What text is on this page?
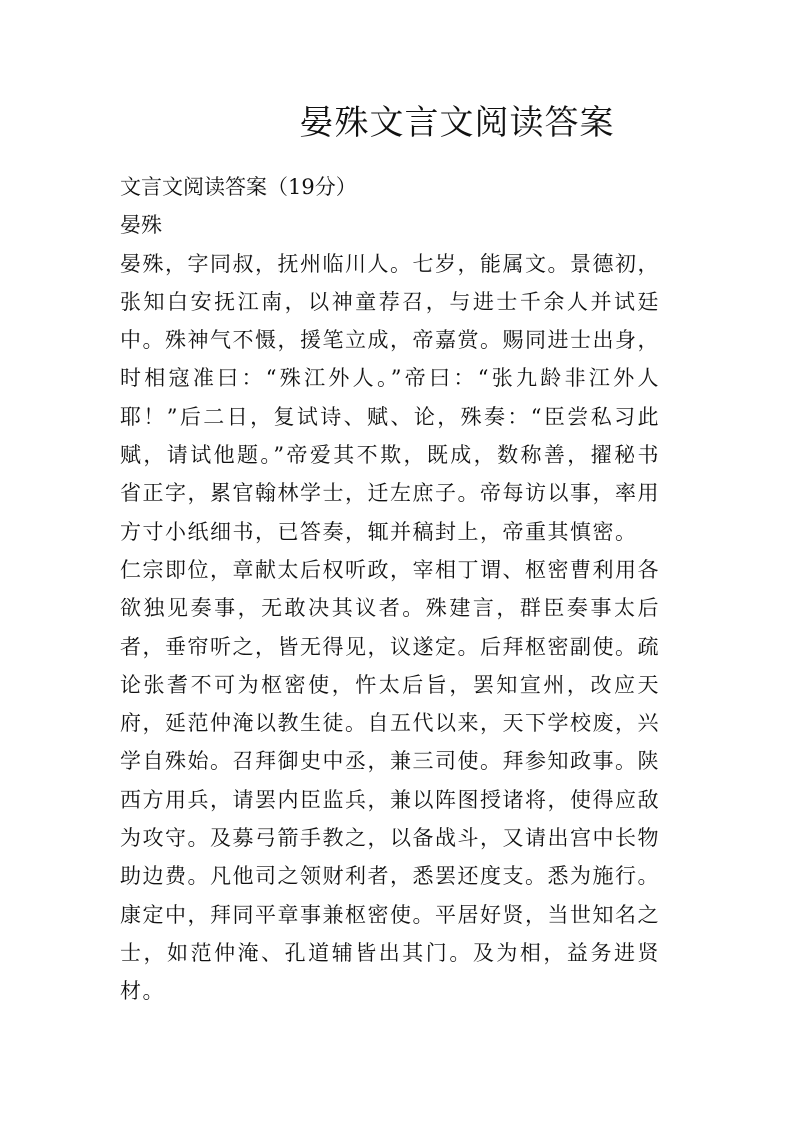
晏殊文言文阅读答案
文言文阅读答案（19分）
晏殊

晏殊，字同叔，抚州临川人。七岁，能属文。景德初，张知白安抚江南，以神童荐召，与进士千余人并试廷中。殊神气不慑，援笔立成，帝嘉赏。赐同进士出身，时相寇准曰：“殊江外人。”帝曰：“张九龄非江外人耶！”后二日，复试诗、赋、论，殊奏：“臣尝私习此赋，请试他题。”帝爱其不欺，既成，数称善，擢秘书省正字，累官翰林学士，迁左庶子。帝每访以事，率用方寸小纸细书，已答奏，辄并稿封上，帝重其慎密。

仁宗即位，章献太后权听政，宰相丁谓、枢密曹利用各欲独见奏事，无敢决其议者。殊建言，群臣奏事太后者，垂帘听之，皆无得见，议遂定。后拜枢密副使。疏论张耆不可为枢密使，忤太后旨，罢知宣州，改应天府，延范仲淹以教生徒。自五代以来，天下学校废，兴学自殊始。召拜御史中丞，兼三司使。拜参知政事。陕西方用兵，请罢内臣监兵，兼以阵图授诸将，使得应敌为攻守。及募弓箭手教之，以备战斗，又请出宫中长物助边费。凡他司之领财利者，悉罢还度支。悉为施行。

康定中，拜同平章事兼枢密使。平居好贤，当世知名之士，如范仲淹、孔道辅皆出其门。及为相，益务进贤材。
